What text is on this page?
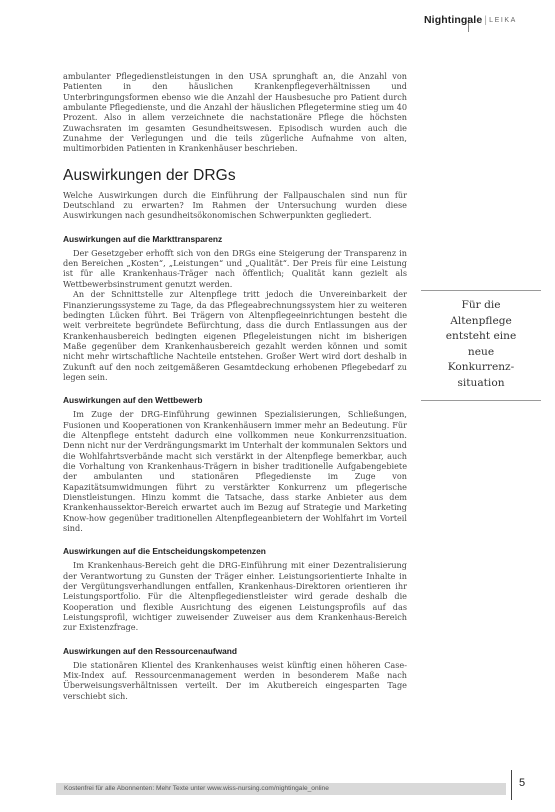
Nightingale | LEIKA

ambulanter Pflegedienstleistungen in den USA sprunghaft an, die Anzahl von Patienten in den häuslichen Krankenpflegeverhältnissen und Unterbringungsformen ebenso wie die Anzahl der Hausbesuche pro Patient durch ambulante Pflegedienste, und die Anzahl der häuslichen Pflegetermine stieg um 40 Prozent. Also in allem verzeichnete die nachstationäre Pflege die höchsten Zuwachsraten im gesamten Gesundheitswesen. Episodisch wurden auch die Zunahme der Verlegungen und die teils zügerliche Aufnahme von alten, multimorbiden Patienten in Krankenhäuser beschrieben.

Auswirkungen der DRGs

Welche Auswirkungen durch die Einführung der Fallpauschalen sind nun für Deutschland zu erwarten? Im Rahmen der Untersuchung wurden diese Auswirkungen nach gesundheitsökonomischen Schwerpunkten gegliedert.

Auswirkungen auf die Markttransparenz

Der Gesetzgeber erhofft sich von den DRGs eine Steigerung der Transparenz in den Bereichen „Kosten“, „Leistungen“ und „Qualität“. Der Preis für eine Leistung ist für alle Krankenhaus-Träger nach öffentlich; Qualität kann gezielt als Wettbewerbsinstrument genutzt werden.

An der Schnittstelle zur Altenpflege tritt jedoch die Unvereinbarkeit der Finanzierungssysteme zu Tage, da das Pflegeabrechnungssystem hier zu weiteren bedingten Lücken führt. Bei Trägern von Altenpflegeeinrichtungen besteht die weit verbreitete begründete Befürchtung, dass die durch Entlassungen aus der Krankenhausbereich bedingten eigenen Pflegeleistungen nicht im bisherigen Maße gegenüber dem Krankenhausbereich gezahlt werden können und somit nicht mehr wirtschaftliche Nachteile entstehen. Großer Wert wird dort deshalb in Zukunft auf den noch zeitgemäßeren Gesamtdeckung erhobenen Pflegebedarf zu legen sein.

Auswirkungen auf den Wettbewerb

Im Zuge der DRG-Einführung gewinnen Spezialisierungen, Schließungen, Fusionen und Kooperationen von Krankenhäusern immer mehr an Bedeutung. Für die Altenpflege entsteht dadurch eine vollkommen neue Konkurrenzsituation. Denn nicht nur der Verdrängungsmarkt im Unterhalt der kommunalen Sektors und die Wohlfahrtsverbände macht sich verstärkt in der Altenpflege bemerkbar, auch die Vorhaltung von Krankenhaus-Trägern in bisher traditionelle Aufgabengebiete der ambulanten und stationären Pflegedienste im Zuge von Kapazitätsumwidmungen führt zu verstärkter Konkurrenz um pflegerische Dienstleistungen. Hinzu kommt die Tatsache, dass starke Anbieter aus dem Krankenhaussektor-Bereich erwartet auch im Bezug auf Strategie und Marketing Know-how gegenüber traditionellen Altenpflegeanbietern der Wohlfahrt im Vorteil sind.

Auswirkungen auf die Entscheidungskompetenzen

Im Krankenhaus-Bereich geht die DRG-Einführung mit einer Dezentralisierung der Verantwortung zu Gunsten der Träger einher. Leistungsorientierte Inhalte in der Vergütungsverhandlungen entfallen, Krankenhaus-Direktoren orientieren ihr Leistungsportfolio. Für die Altenpflegedienstleister wird gerade deshalb die Kooperation und flexible Ausrichtung des eigenen Leistungsprofils auf das Leistungsprofil, wichtiger zuweisender Zuweiser aus dem Krankenhaus-Bereich zur Existenzfrage.

Auswirkungen auf den Ressourcenaufwand

Die stationären Klientel des Krankenhauses weist künftig einen höheren Case-Mix-Index auf. Ressourcenmanagement werden in besonderem Maße nach Überweisungsverhältnissen verteilt. Der im Akutbereich eingesparten Tage verschiebt sich.

Für die
Altenpflege
entsteht eine
neue
Konkurrenz-
situation
Kostenfrei für alle Abonnenten: Mehr Texte unter www.wiss-nursing.com/nightingale_online	5
